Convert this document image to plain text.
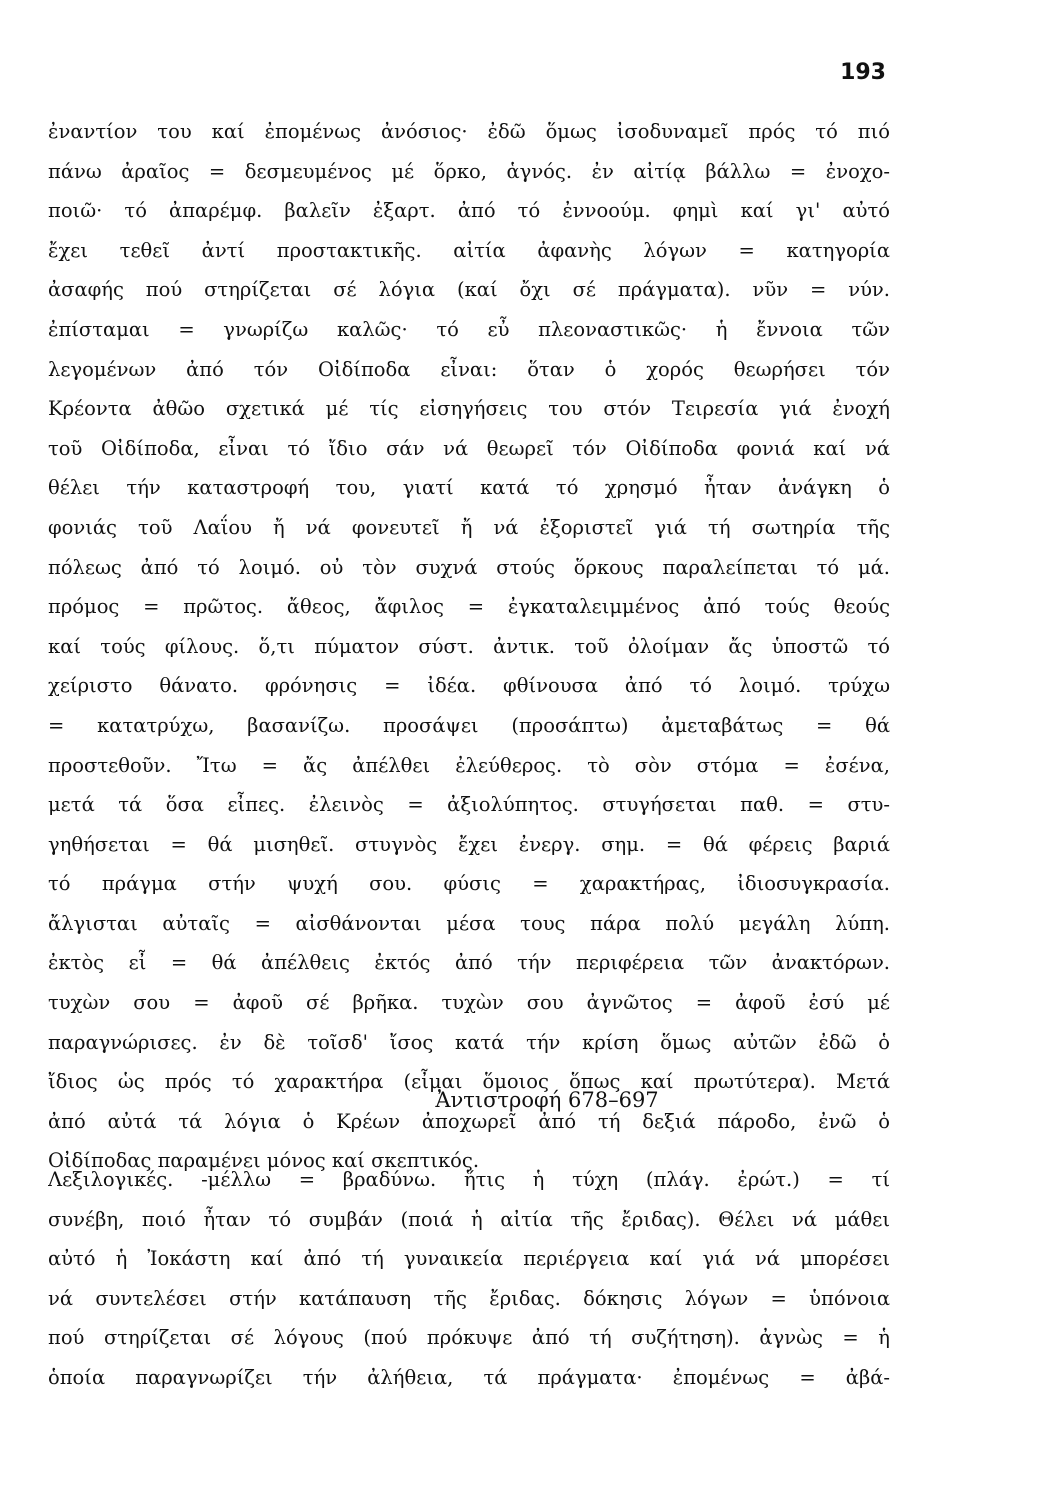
193
ἐναντίον του καί ἐπομένως ἀνόσιος· ἐδῶ ὅμως ἰσοδυναμεῖ πρός τό πιό
πάνω ἀραῖος = δεσμευμένος μέ ὅρκο, ἁγνός. ἐν αἰτίᾳ βάλλω = ἐνοχο-
ποιῶ· τό ἀπαρέμφ. βαλεῖν ἐξαρτ. ἀπό τό ἐννοούμ. φημὶ καί γι' αὐτό
ἔχει τεθεῖ ἀντί προστακτικῆς. αἰτία ἀφανὴς λόγων = κατηγορία
ἀσαφής πού στηρίζεται σέ λόγια (καί ὄχι σέ πράγματα). νῦν = νύν.
ἐπίσταμαι = γνωρίζω καλῶς· τό εὖ πλεοναστικῶς· ἡ ἔννοια τῶν
λεγομένων ἀπό τόν Οἰδίποδα εἶναι: ὅταν ὁ χορός θεωρήσει τόν
Κρέοντα ἀθῶο σχετικά μέ τίς εἰσηγήσεις του στόν Τειρεσία γιά ἐνοχή
τοῦ Οἰδίποδα, εἶναι τό ἴδιο σάν νά θεωρεῖ τόν Οἰδίποδα φονιά καί νά
θέλει τήν καταστροφή του, γιατί κατά τό χρησμό ἦταν ἀνάγκη ὁ
φονιάς τοῦ Λαΐου ἤ νά φονευτεῖ ἤ νά ἐξοριστεῖ γιά τή σωτηρία τῆς
πόλεως ἀπό τό λοιμό. οὐ τὸν συχνά στούς ὅρκους παραλείπεται τό μά.
πρόμος = πρῶτος. ἄθεος, ἄφιλος = ἐγκαταλειμμένος ἀπό τούς θεούς
καί τούς φίλους. ὅ,τι πύματον σύστ. ἀντικ. τοῦ ὀλοίμαν ἄς ὑποστῶ τό
χείριστο θάνατο. φρόνησις = ἰδέα. φθίνουσα ἀπό τό λοιμό. τρύχω
= κατατρύχω, βασανίζω. προσάψει (προσάπτω) ἀμεταβάτως = θά
προστεθοῦν. Ἴτω = ἄς ἀπέλθει ἐλεύθερος. τὸ σὸν στόμα = ἐσένα,
μετά τά ὅσα εἶπες. ἐλεινὸς = ἀξιολύπητος. στυγήσεται παθ. = στυ-
γηθήσεται = θά μισηθεῖ. στυγνὸς ἔχει ἐνεργ. σημ. = θά φέρεις βαριά
τό πράγμα στήν ψυχή σου. φύσις = χαρακτήρας, ἰδιοσυγκρασία.
ἄλγισται αὐταῖς = αἰσθάνονται μέσα τους πάρα πολύ μεγάλη λύπη.
ἐκτὸς εἶ = θά ἀπέλθεις ἐκτός ἀπό τήν περιφέρεια τῶν ἀνακτόρων.
τυχὼν σου = ἀφοῦ σέ βρῆκα. τυχὼν σου ἀγνῶτος = ἀφοῦ ἐσύ μέ
παραγνώρισες. ἐν δὲ τοῖσδ' ἴσος κατά τήν κρίση ὅμως αὐτῶν ἐδῶ ὁ
ἴδιος ὡς πρός τό χαρακτήρα (εἶμαι ὅμοιος ὅπως καί πρωτύτερα). Μετά
ἀπό αὐτά τά λόγια ὁ Κρέων ἀποχωρεῖ ἀπό τή δεξιά πάροδο, ἐνῶ ὁ
Οἰδίποδας παραμένει μόνος καί σκεπτικός.
Ἀντιστροφή 678–697
Λεξιλογικές. -μέλλω = βραδύνω. ἥτις ἡ τύχη (πλάγ. ἐρώτ.) = τί
συνέβη, ποιό ἦταν τό συμβάν (ποιά ἡ αἰτία τῆς ἔριδας). Θέλει νά μάθει
αὐτό ἡ Ἰοκάστη καί ἀπό τή γυναικεία περιέργεια καί γιά νά μπορέσει
νά συντελέσει στήν κατάπαυση τῆς ἔριδας. δόκησις λόγων = ὑπόνοια
πού στηρίζεται σέ λόγους (πού πρόκυψε ἀπό τή συζήτηση). ἀγνὼς = ἡ
ὁποία παραγνωρίζει τήν ἀλήθεια, τά πράγματα· ἐπομένως = ἀβά-
